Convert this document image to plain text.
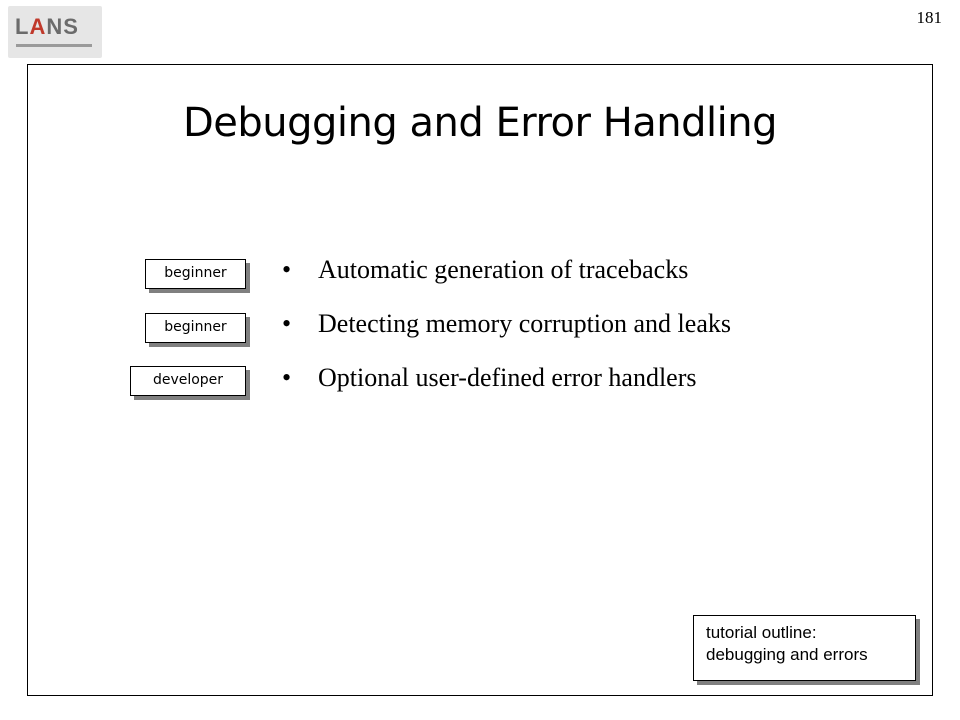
LANS	181
Debugging and Error Handling
beginner
beginner
developer
• Automatic generation of tracebacks
• Detecting memory corruption and leaks
• Optional user-defined error handlers
tutorial outline:
debugging and errors
